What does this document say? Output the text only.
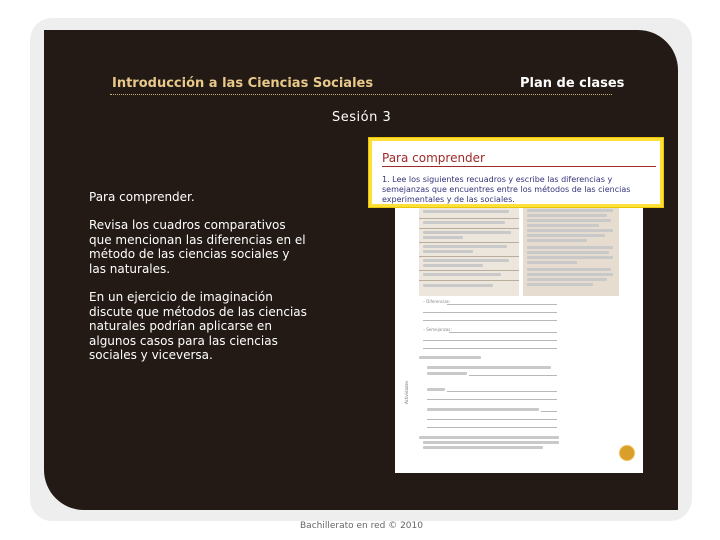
Introducción a las Ciencias Sociales	Plan de clases
Sesión 3
Para comprender.
Revisa los cuadros comparativos que mencionan las diferencias en el método de las ciencias sociales y las naturales.
En un ejercicio de imaginación discute que métodos de las ciencias naturales podrían aplicarse en algunos casos para las ciencias sociales y viceversa.
– Diferencias:
– Semejanzas:
Actividades
Para comprender
1. Lee los siguientes recuadros y escribe las diferencias y semejanzas que encuentres entre los métodos de las ciencias experimentales y de las sociales.
Bachillerato en red © 2010
